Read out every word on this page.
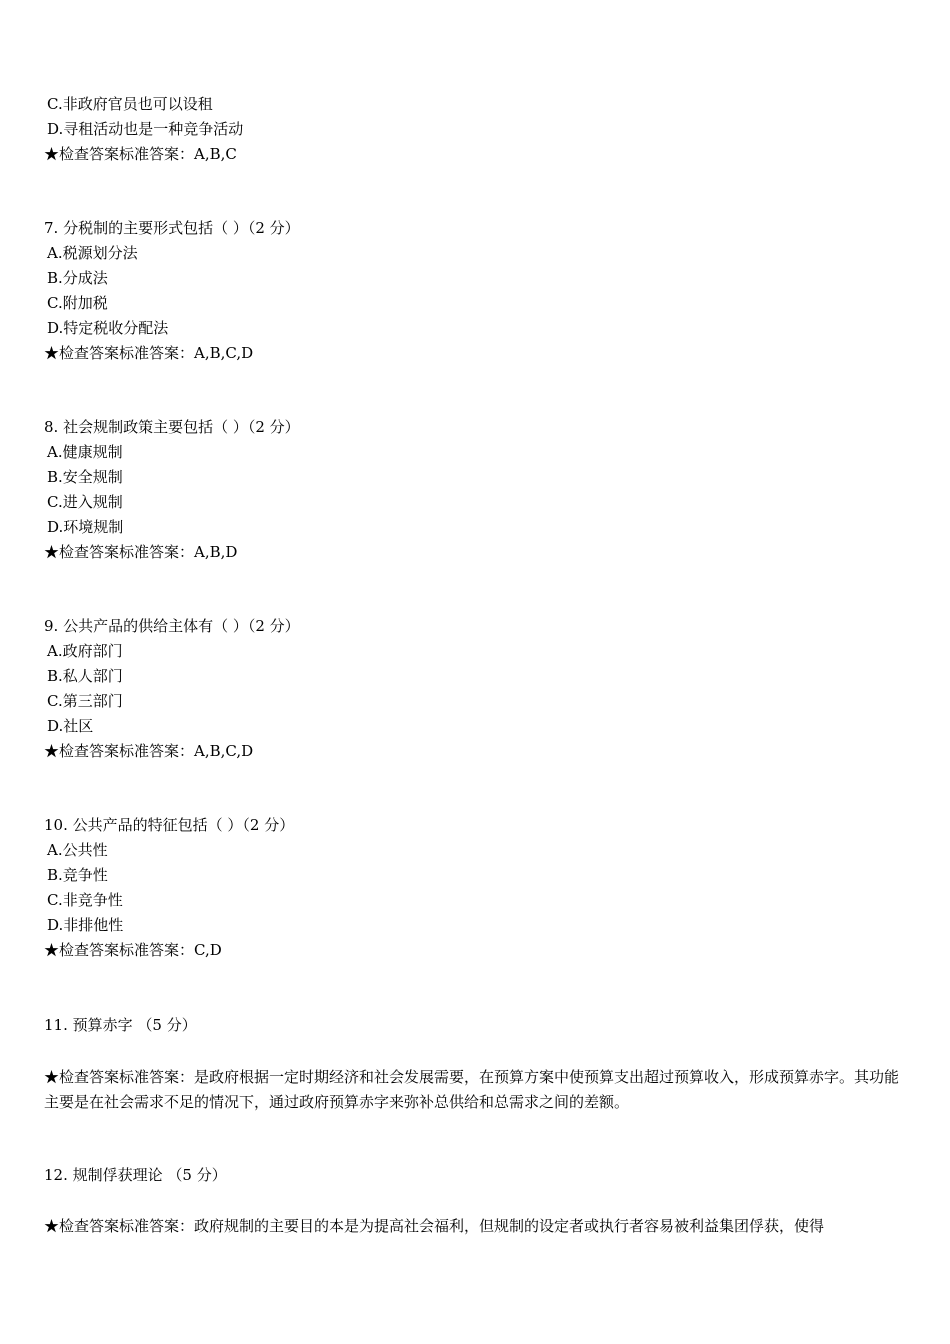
C.非政府官员也可以设租
D.寻租活动也是一种竞争活动
★检查答案标准答案：A,B,C
7. 分税制的主要形式包括（ ）（2 分）
A.税源划分法
B.分成法
C.附加税
D.特定税收分配法
★检查答案标准答案：A,B,C,D
8. 社会规制政策主要包括（ ）（2 分）
A.健康规制
B.安全规制
C.进入规制
D.环境规制
★检查答案标准答案：A,B,D
9. 公共产品的供给主体有（ ）（2 分）
A.政府部门
B.私人部门
C.第三部门
D.社区
★检查答案标准答案：A,B,C,D
10. 公共产品的特征包括（ ）（2 分）
A.公共性
B.竞争性
C.非竞争性
D.非排他性
★检查答案标准答案：C,D
11. 预算赤字 （5 分）
★检查答案标准答案：是政府根据一定时期经济和社会发展需要，在预算方案中使预算支出超过预算收入，形成预算赤字。其功能主要是在社会需求不足的情况下，通过政府预算赤字来弥补总供给和总需求之间的差额。
12. 规制俘获理论 （5 分）
★检查答案标准答案：政府规制的主要目的本是为提高社会福利，但规制的设定者或执行者容易被利益集团俘获，使得
